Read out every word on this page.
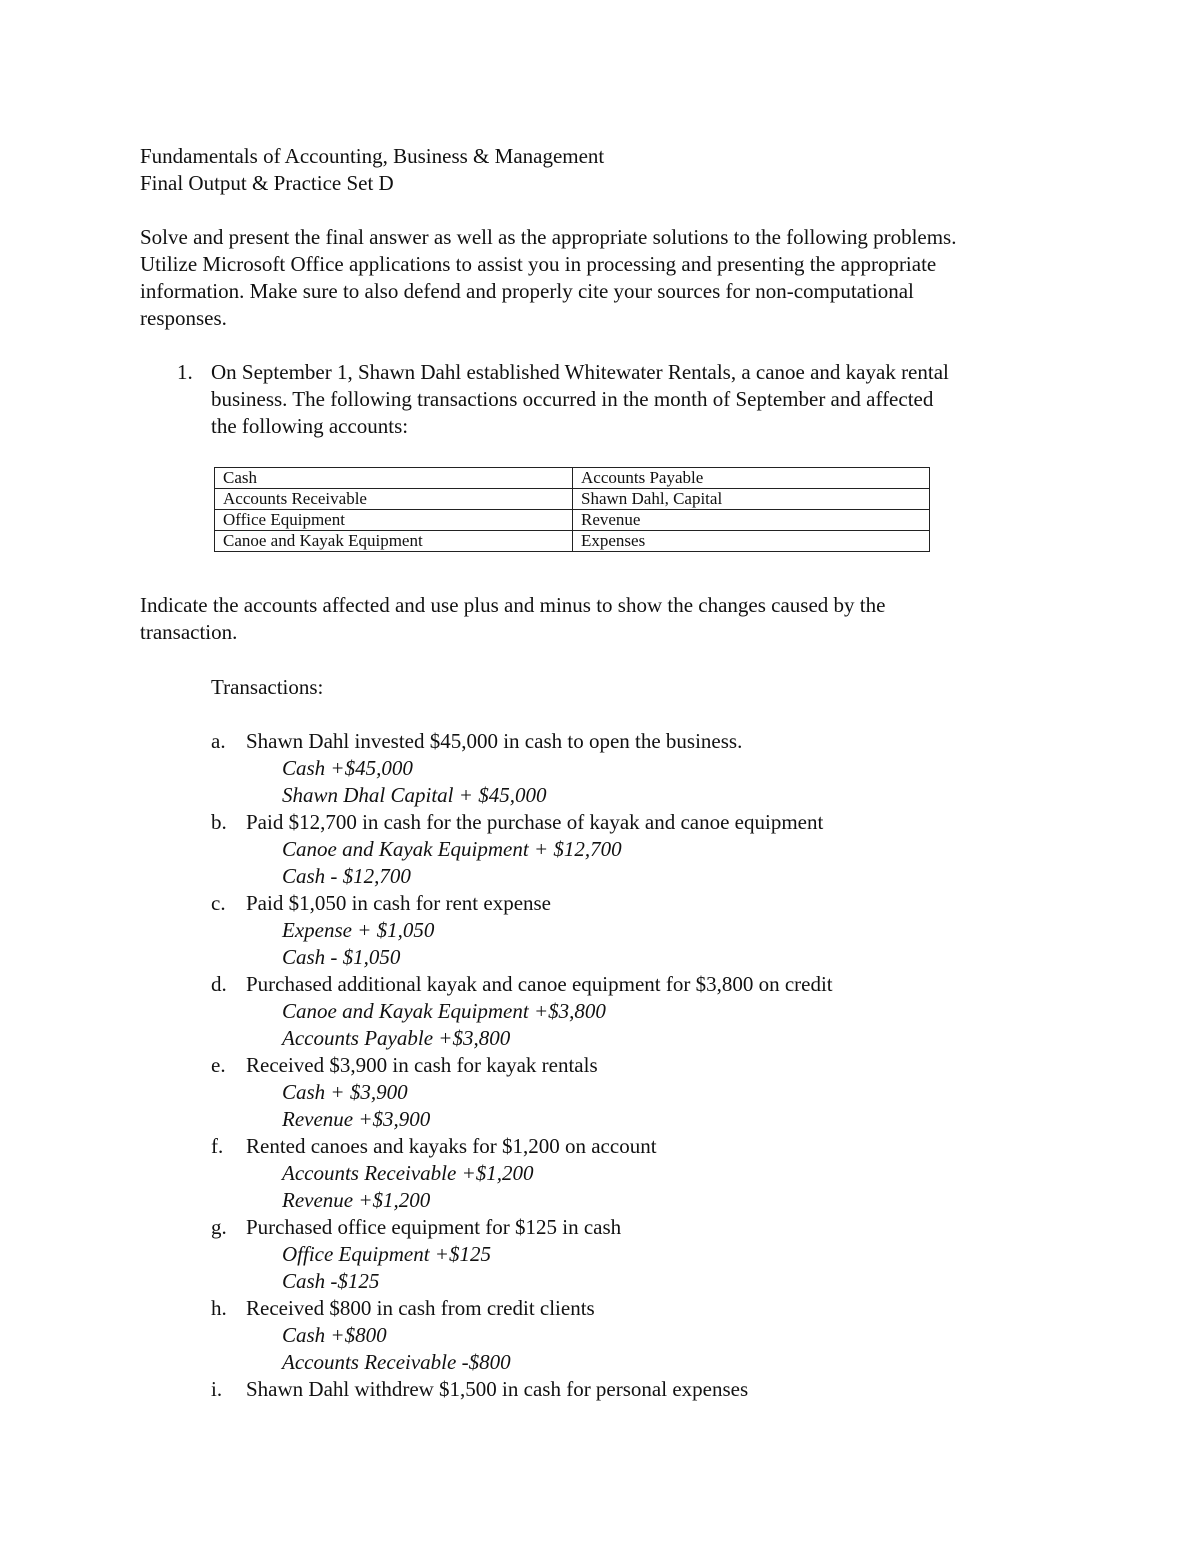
Fundamentals of Accounting, Business & Management
Final Output & Practice Set D
Solve and present the final answer as well as the appropriate solutions to the following problems.
Utilize Microsoft Office applications to assist you in processing and presenting the appropriate
information. Make sure to also defend and properly cite your sources for non-computational
responses.
1. On September 1, Shawn Dahl established Whitewater Rentals, a canoe and kayak rental
business. The following transactions occurred in the month of September and affected
the following accounts:
Cash	Accounts Payable
Accounts Receivable	Shawn Dahl, Capital
Office Equipment	Revenue
Canoe and Kayak Equipment	Expenses
Indicate the accounts affected and use plus and minus to show the changes caused by the
transaction.
Transactions:
a. Shawn Dahl invested $45,000 in cash to open the business.
Cash +$45,000
Shawn Dhal Capital + $45,000
b. Paid $12,700 in cash for the purchase of kayak and canoe equipment
Canoe and Kayak Equipment + $12,700
Cash - $12,700
c. Paid $1,050 in cash for rent expense
Expense + $1,050
Cash - $1,050
d. Purchased additional kayak and canoe equipment for $3,800 on credit
Canoe and Kayak Equipment +$3,800
Accounts Payable +$3,800
e. Received $3,900 in cash for kayak rentals
Cash + $3,900
Revenue +$3,900
f. Rented canoes and kayaks for $1,200 on account
Accounts Receivable +$1,200
Revenue +$1,200
g. Purchased office equipment for $125 in cash
Office Equipment +$125
Cash -$125
h. Received $800 in cash from credit clients
Cash +$800
Accounts Receivable -$800
i. Shawn Dahl withdrew $1,500 in cash for personal expenses
